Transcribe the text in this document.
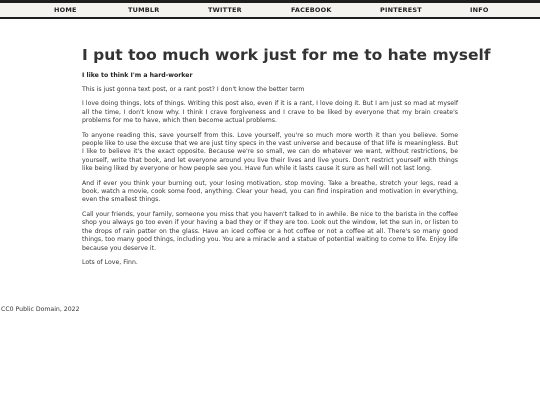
HOME	TUMBLR	TWITTER	FACEBOOK	PINTEREST	INFO
I put too much work just for me to hate myself

I like to think I'm a hard-worker

This is just gonna text post, or a rant post? I don't know the better term

I love doing things, lots of things. Writing this post also, even if it is a rant, I love doing it. But I am just so mad at myself all the time, I don't know why. I think I crave forgiveness and I crave to be liked by everyone that my brain create's problems for me to have, which then become actual problems.

To anyone reading this, save yourself from this. Love yourself, you're so much more worth it than you believe. Some people like to use the excuse that we are just tiny specs in the vast universe and because of that life is meaningless. But I like to believe it's the exact opposite. Because we're so small, we can do whatever we want, without restrictions, be yourself, write that book, and let everyone around you live their lives and live yours. Don't restrict yourself with things like being liked by everyone or how people see you. Have fun while it lasts cause it sure as hell will not last long.

And if ever you think your burning out, your losing motivation, stop moving. Take a breathe, stretch your legs, read a book, watch a movie, cook some food, anything. Clear your head, you can find inspiration and motivation in everything, even the smallest things.

Call your friends, your family, someone you miss that you haven't talked to in awhile. Be nice to the barista in the coffee shop you always go too even if your having a bad they or if they are too. Look out the window, let the sun in, or listen to the drops of rain patter on the glass. Have an iced coffee or a hot coffee or not a coffee at all. There's so many good things, too many good things, including you. You are a miracle and a statue of potential waiting to come to life. Enjoy life because you deserve it.

Lots of Love, Finn.

CC0 Public Domain, 2022
